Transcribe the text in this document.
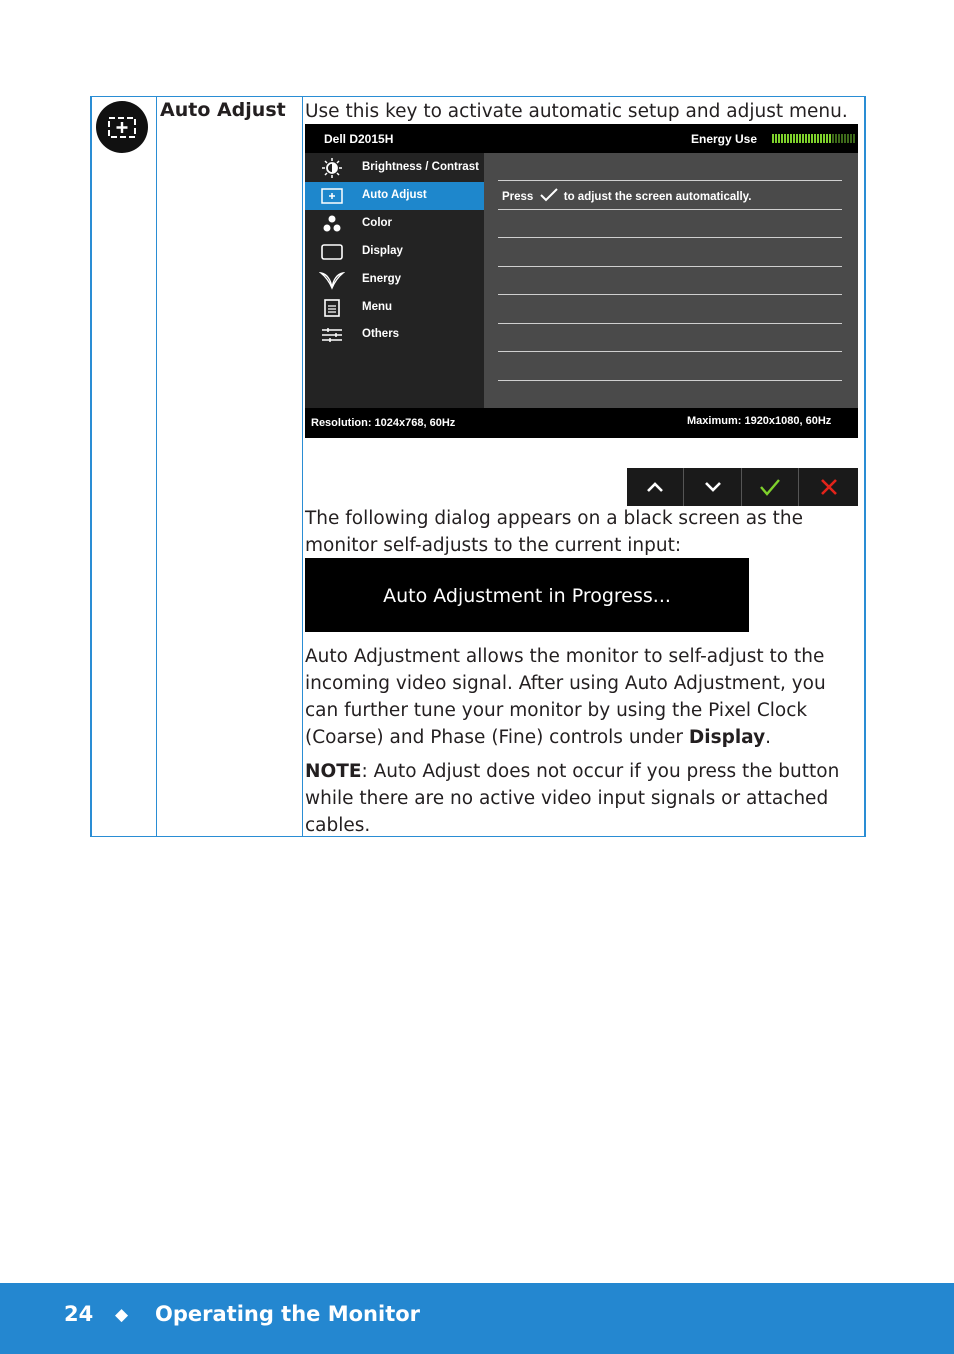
Auto Adjust Use this key to activate automatic setup and adjust menu.
Dell D2015H	Energy Use
Brightness / Contrast
Auto Adjust
Color
Display
Energy
Menu
Others
Press	to adjust the screen automatically.
Resolution: 1024x768, 60Hz	Maximum: 1920x1080, 60Hz
The following dialog appears on a black screen as the monitor self-adjusts to the current input:
Auto Adjustment in Progress...
Auto Adjustment allows the monitor to self-adjust to the incoming video signal. After using Auto Adjustment, you can further tune your monitor by using the Pixel Clock (Coarse) and Phase (Fine) controls under Display.
NOTE: Auto Adjust does not occur if you press the button while there are no active video input signals or attached cables.
24 ◆ Operating the Monitor
